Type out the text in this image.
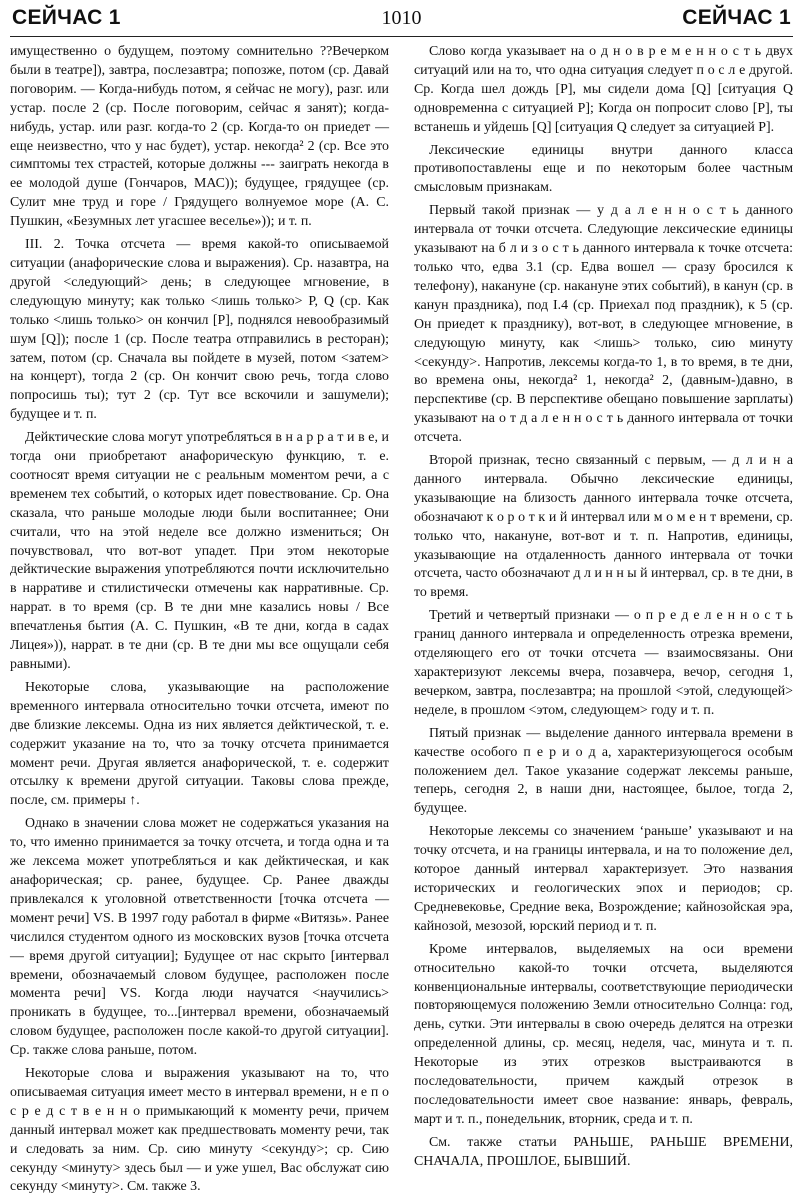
СЕЙЧАС 1	1010	СЕЙЧАС 1

имущественно о будущем, поэтому сомнительно ??Вечерком были в театре]), завтра, послезавтра; попозже, потом (ср. Давай поговорим. — Когда-нибудь потом, я сейчас не могу), разг. или устар. после 2 (ср. После поговорим, сейчас я занят); когда-нибудь, устар. или разг. когда-то 2 (ср. Когда-то он приедет — еще неизвестно, что у нас будет), устар. некогда² 2 (ср. Все это симптомы тех страстей, которые должны --- заиграть некогда в ее молодой душе (Гончаров, МАС)); будущее, грядущее (ср. Сулит мне труд и горе / Грядущего волнуемое море (А. С. Пушкин, «Безумных лет угасшее веселье»)); и т. п.

III. 2. Точка отсчета — время какой-то описываемой ситуации (анафорические слова и выражения). Ср. назавтра, на другой <следующий> день; в следующее мгновение, в следующую минуту; как только <лишь только> P, Q (ср. Как только <лишь только> он кончил [P], поднялся невообразимый шум [Q]); после 1 (ср. После театра отправились в ресторан); затем, потом (ср. Сначала вы пойдете в музей, потом <затем> на концерт), тогда 2 (ср. Он кончит свою речь, тогда слово попросишь ты); тут 2 (ср. Тут все вскочили и зашумели); будущее и т. п.

Дейктические слова могут употребляться в н а р р а т и в е, и тогда они приобретают анафорическую функцию, т. е. соотносят время ситуации не с реальным моментом речи, а с временем тех событий, о которых идет повествование. Ср. Она сказала, что раньше молодые люди были воспитаннее; Они считали, что на этой неделе все должно измениться; Он почувствовал, что вот-вот упадет. При этом некоторые дейктические выражения употребляются почти исключительно в нарративе и стилистически отмечены как нарративные. Ср. наррат. в то время (ср. В те дни мне казались новы / Все впечатленья бытия (А. С. Пушкин, «В те дни, когда в садах Лицея»)), наррат. в те дни (ср. В те дни мы все ощущали себя равными).

Некоторые слова, указывающие на расположение временного интервала относительно точки отсчета, имеют по две близкие лексемы. Одна из них является дейктической, т. е. содержит указание на то, что за точку отсчета принимается момент речи. Другая является анафорической, т. е. содержит отсылку к времени другой ситуации. Таковы слова прежде, после, см. примеры ↑.

Однако в значении слова может не содержаться указания на то, что именно принимается за точку отсчета, и тогда одна и та же лексема может употребляться и как дейктическая, и как анафорическая; ср. ранее, будущее. Ср. Ранее дважды привлекался к уголовной ответственности [точка отсчета — момент речи] VS. В 1997 году работал в фирме «Витязь». Ранее числился студентом одного из московских вузов [точка отсчета — время другой ситуации]; Будущее от нас скрыто [интервал времени, обозначаемый словом будущее, расположен после момента речи] VS. Когда люди научатся <научились> проникать в будущее, то...[интервал времени, обозначаемый словом будущее, расположен после какой-то другой ситуации]. Ср. также слова раньше, потом.

Некоторые слова и выражения указывают на то, что описываемая ситуация имеет место в интервал времени, н е п о с р е д с т в е н н о примыкающий к моменту речи, причем данный интервал может как предшествовать моменту речи, так и следовать за ним. Ср. сию минуту <секунду>; ср. Сию секунду <минуту> здесь был — и уже ушел, Вас обслужат сию секунду <минуту>. См. также 3.

Слово когда указывает на о д н о в р е м е н н о с т ь двух ситуаций или на то, что одна ситуация следует п о с л е другой. Ср. Когда шел дождь [P], мы сидели дома [Q] [ситуация Q одновременна с ситуацией P]; Когда он попросит слово [P], ты встанешь и уйдешь [Q] [ситуация Q следует за ситуацией P].

Лексические единицы внутри данного класса противопоставлены еще и по некоторым более частным смысловым признакам.

Первый такой признак — у д а л е н н о с т ь данного интервала от точки отсчета. Следующие лексические единицы указывают на б л и з о с т ь данного интервала к точке отсчета: только что, едва 3.1 (ср. Едва вошел — сразу бросился к телефону), накануне (ср. накануне этих событий), в канун (ср. в канун праздника), под I.4 (ср. Приехал под праздник), к 5 (ср. Он приедет к празднику), вот-вот, в следующее мгновение, в следующую минуту, как <лишь> только, сию минуту <секунду>. Напротив, лексемы когда-то 1, в то время, в те дни, во времена оны, некогда² 1, некогда² 2, (давным-)давно, в перспективе (ср. В перспективе обещано повышение зарплаты) указывают на о т д а л е н н о с т ь данного интервала от точки отсчета.

Второй признак, тесно связанный с первым, — д л и н а данного интервала. Обычно лексические единицы, указывающие на близость данного интервала точке отсчета, обозначают к о р о т к и й интервал или м о м е н т времени, ср. только что, накануне, вот-вот и т. п. Напротив, единицы, указывающие на отдаленность данного интервала от точки отсчета, часто обозначают д л и н н ы й интервал, ср. в те дни, в то время.

Третий и четвертый признаки — о п р е д е л е н н о с т ь границ данного интервала и определенность отрезка времени, отделяющего его от точки отсчета — взаимосвязаны. Они характеризуют лексемы вчера, позавчера, вечор, сегодня 1, вечерком, завтра, послезавтра; на прошлой <этой, следующей> неделе, в прошлом <этом, следующем> году и т. п.

Пятый признак — выделение данного интервала времени в качестве особого п е р и о д а, характеризующегося особым положением дел. Такое указание содержат лексемы раньше, теперь, сегодня 2, в наши дни, настоящее, былое, тогда 2, будущее.

Некоторые лексемы со значением ʻраньшеʼ указывают и на точку отсчета, и на границы интервала, и на то положение дел, которое данный интервал характеризует. Это названия исторических и геологических эпох и периодов; ср. Средневековье, Средние века, Возрождение; кайнозойская эра, кайнозой, мезозой, юрский период и т. п.

Кроме интервалов, выделяемых на оси времени относительно какой-то точки отсчета, выделяются конвенциональные интервалы, соответствующие периодически повторяющемуся положению Земли относительно Солнца: год, день, сутки. Эти интервалы в свою очередь делятся на отрезки определенной длины, ср. месяц, неделя, час, минута и т. п. Некоторые из этих отрезков выстраиваются в последовательности, причем каждый отрезок в последовательности имеет свое название: январь, февраль, март и т. п., понедельник, вторник, среда и т. п.

См. также статьи РАНЬШЕ, РАНЬШЕ ВРЕМЕНИ, СНАЧАЛА, ПРОШЛОЕ, БЫВШИЙ.
